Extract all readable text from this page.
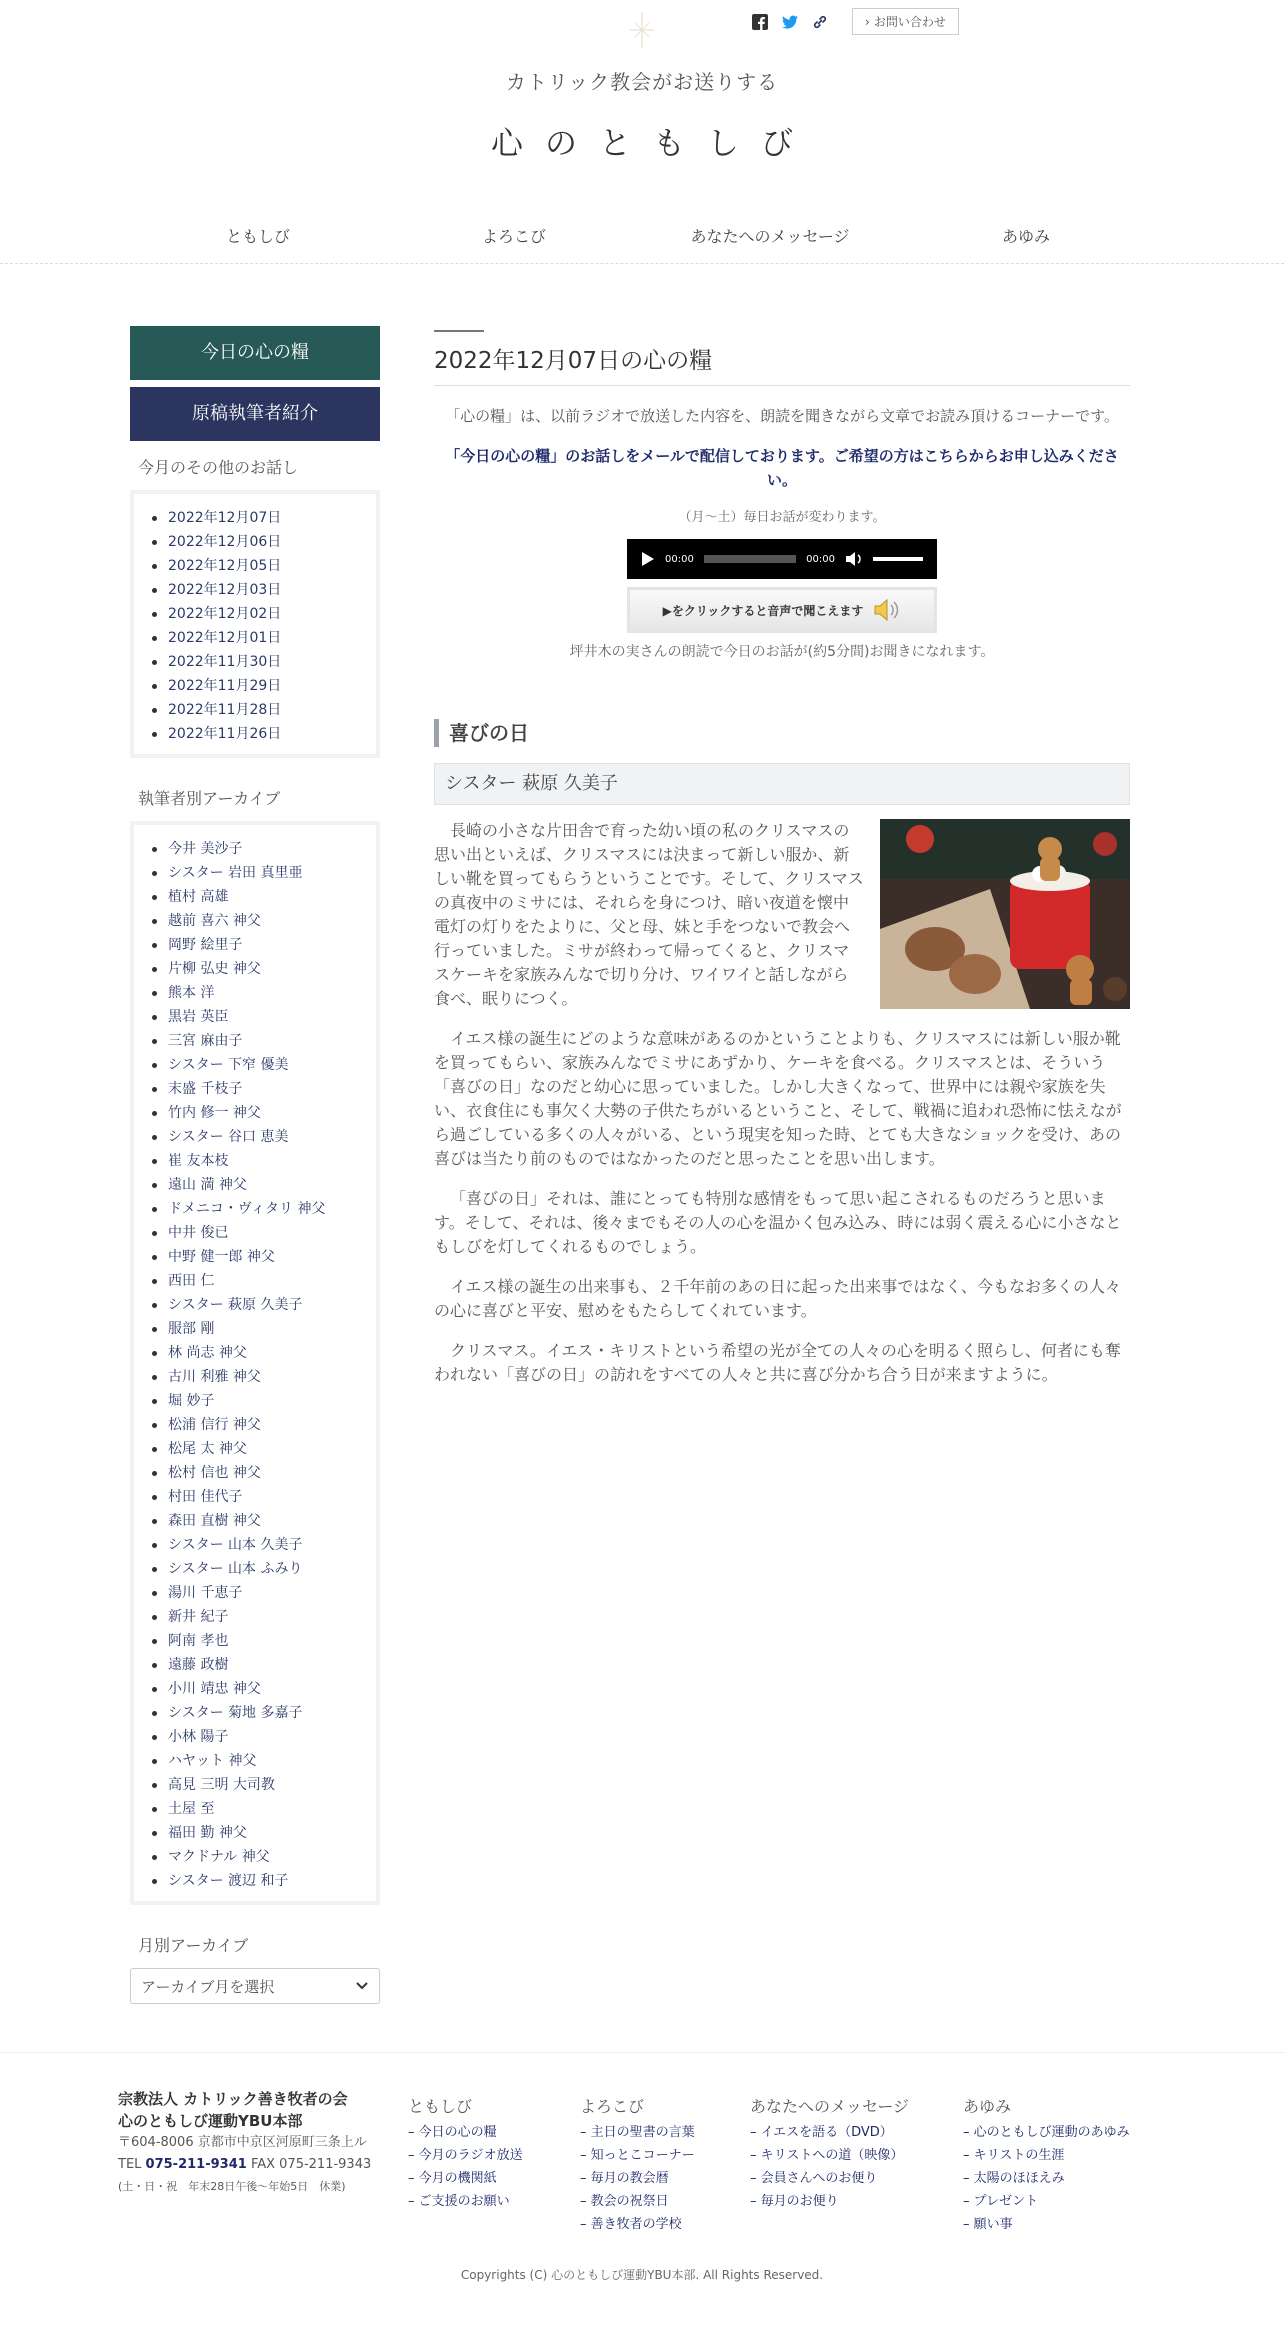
› お問い合わせ
カトリック教会がお送りする
心のともしび
ともしび	よろこび	あなたへのメッセージ	あゆみ
今日の心の糧
原稿執筆者紹介
今月のその他のお話し
2022年12月07日
2022年12月06日
2022年12月05日
2022年12月03日
2022年12月02日
2022年12月01日
2022年11月30日
2022年11月29日
2022年11月28日
2022年11月26日
執筆者別アーカイブ
今井 美沙子
シスター 岩田 真里亜
植村 高雄
越前 喜六 神父
岡野 絵里子
片柳 弘史 神父
熊本 洋
黒岩 英臣
三宮 麻由子
シスター 下窄 優美
末盛 千枝子
竹内 修一 神父
シスター 谷口 恵美
崔 友本枝
遠山 満 神父
ドメニコ・ヴィタリ 神父
中井 俊已
中野 健一郎 神父
西田 仁
シスター 萩原 久美子
服部 剛
林 尚志 神父
古川 利雅 神父
堀 妙子
松浦 信行 神父
松尾 太 神父
松村 信也 神父
村田 佳代子
森田 直樹 神父
シスター 山本 久美子
シスター 山本 ふみり
湯川 千恵子
新井 紀子
阿南 孝也
遠藤 政樹
小川 靖忠 神父
シスター 菊地 多嘉子
小林 陽子
ハヤット 神父
高見 三明 大司教
土屋 至
福田 勤 神父
マクドナル 神父
シスター 渡辺 和子
月別アーカイブ
アーカイブ月を選択
2022年12月07日の心の糧

「心の糧」は、以前ラジオで放送した内容を、朗読を聞きながら文章でお読み頂けるコーナーです。

「今日の心の糧」のお話しをメールで配信しております。ご希望の方はこちらからお申し込みください。

（月～土）毎日お話が変わります。

00:00	00:00
▶をクリックすると音声で聞こえます

坪井木の実さんの朗読で今日のお話が(約5分間)お聞きになれます。

喜びの日
シスター 萩原 久美子

長崎の小さな片田舎で育った幼い頃の私のクリスマスの思い出といえば、クリスマスには決まって新しい服か、新しい靴を買ってもらうということです。そして、クリスマスの真夜中のミサには、それらを身につけ、暗い夜道を懐中電灯の灯りをたよりに、父と母、妹と手をつないで教会へ行っていました。ミサが終わって帰ってくると、クリスマスケーキを家族みんなで切り分け、ワイワイと話しながら食べ、眠りにつく。

イエス様の誕生にどのような意味があるのかということよりも、クリスマスには新しい服か靴を買ってもらい、家族みんなでミサにあずかり、ケーキを食べる。クリスマスとは、そういう「喜びの日」なのだと幼心に思っていました。しかし大きくなって、世界中には親や家族を失い、衣食住にも事欠く大勢の子供たちがいるということ、そして、戦禍に追われ恐怖に怯えながら過ごしている多くの人々がいる、という現実を知った時、とても大きなショックを受け、あの喜びは当たり前のものではなかったのだと思ったことを思い出します。

「喜びの日」それは、誰にとっても特別な感情をもって思い起こされるものだろうと思います。そして、それは、後々までもその人の心を温かく包み込み、時には弱く震える心に小さなともしびを灯してくれるものでしょう。

イエス様の誕生の出来事も、２千年前のあの日に起った出来事ではなく、今もなお多くの人々の心に喜びと平安、慰めをもたらしてくれています。

クリスマス。イエス・キリストという希望の光が全ての人々の心を明るく照らし、何者にも奪われない「喜びの日」の訪れをすべての人々と共に喜び分かち合う日が来ますように。

宗教法人 カトリック善き牧者の会
心のともしび運動YBU本部
〒604-8006 京都市中京区河原町三条上ル
TEL 075-211-9341 FAX 075-211-9343
(土・日・祝　年末28日午後〜年始5日　休業)
ともしび
– 今日の心の糧
– 今月のラジオ放送
– 今月の機関紙
– ご支援のお願い
よろこび
– 主日の聖書の言葉
– 知っとこコーナー
– 毎月の教会暦
– 教会の祝祭日
– 善き牧者の学校
あなたへのメッセージ
– イエスを語る（DVD）
– キリストへの道（映像）
– 会員さんへのお便り
– 毎月のお便り
あゆみ
– 心のともしび運動のあゆみ
– キリストの生涯
– 太陽のほほえみ
– プレゼント
– 願い事
Copyrights (C) 心のともしび運動YBU本部. All Rights Reserved.
